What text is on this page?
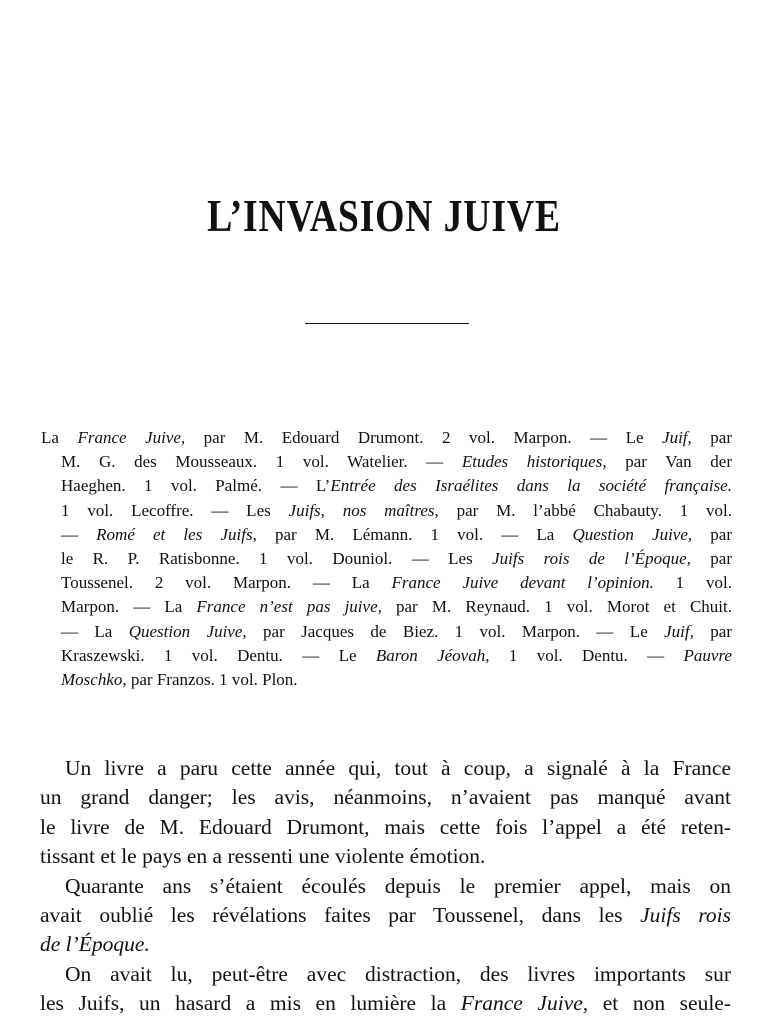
L’INVASION JUIVE
La France Juive, par M. Edouard Drumont. 2 vol. Marpon. — Le Juif, par
M. G. des Mousseaux. 1 vol. Watelier. — Etudes historiques, par Van der
Haeghen. 1 vol. Palmé. — L’Entrée des Israélites dans la société française.
1 vol. Lecoffre. — Les Juifs, nos maîtres, par M. l’abbé Chabauty. 1 vol.
— Romé et les Juifs, par M. Lémann. 1 vol. — La Question Juive, par
le R. P. Ratisbonne. 1 vol. Douniol. — Les Juifs rois de l’Époque, par
Toussenel. 2 vol. Marpon. — La France Juive devant l’opinion. 1 vol.
Marpon. — La France n’est pas juive, par M. Reynaud. 1 vol. Morot et Chuit.
— La Question Juive, par Jacques de Biez. 1 vol. Marpon. — Le Juif, par
Kraszewski. 1 vol. Dentu. — Le Baron Jéovah, 1 vol. Dentu. — Pauvre
Moschko, par Franzos. 1 vol. Plon.
Un livre a paru cette année qui, tout à coup, a signalé à la France
un grand danger; les avis, néanmoins, n’avaient pas manqué avant
le livre de M. Edouard Drumont, mais cette fois l’appel a été reten-
tissant et le pays en a ressenti une violente émotion.
Quarante ans s’étaient écoulés depuis le premier appel, mais on
avait oublié les révélations faites par Toussenel, dans les Juifs rois
de l’Époque.
On avait lu, peut-être avec distraction, des livres importants sur
les Juifs, un hasard a mis en lumière la France Juive, et non seule-
